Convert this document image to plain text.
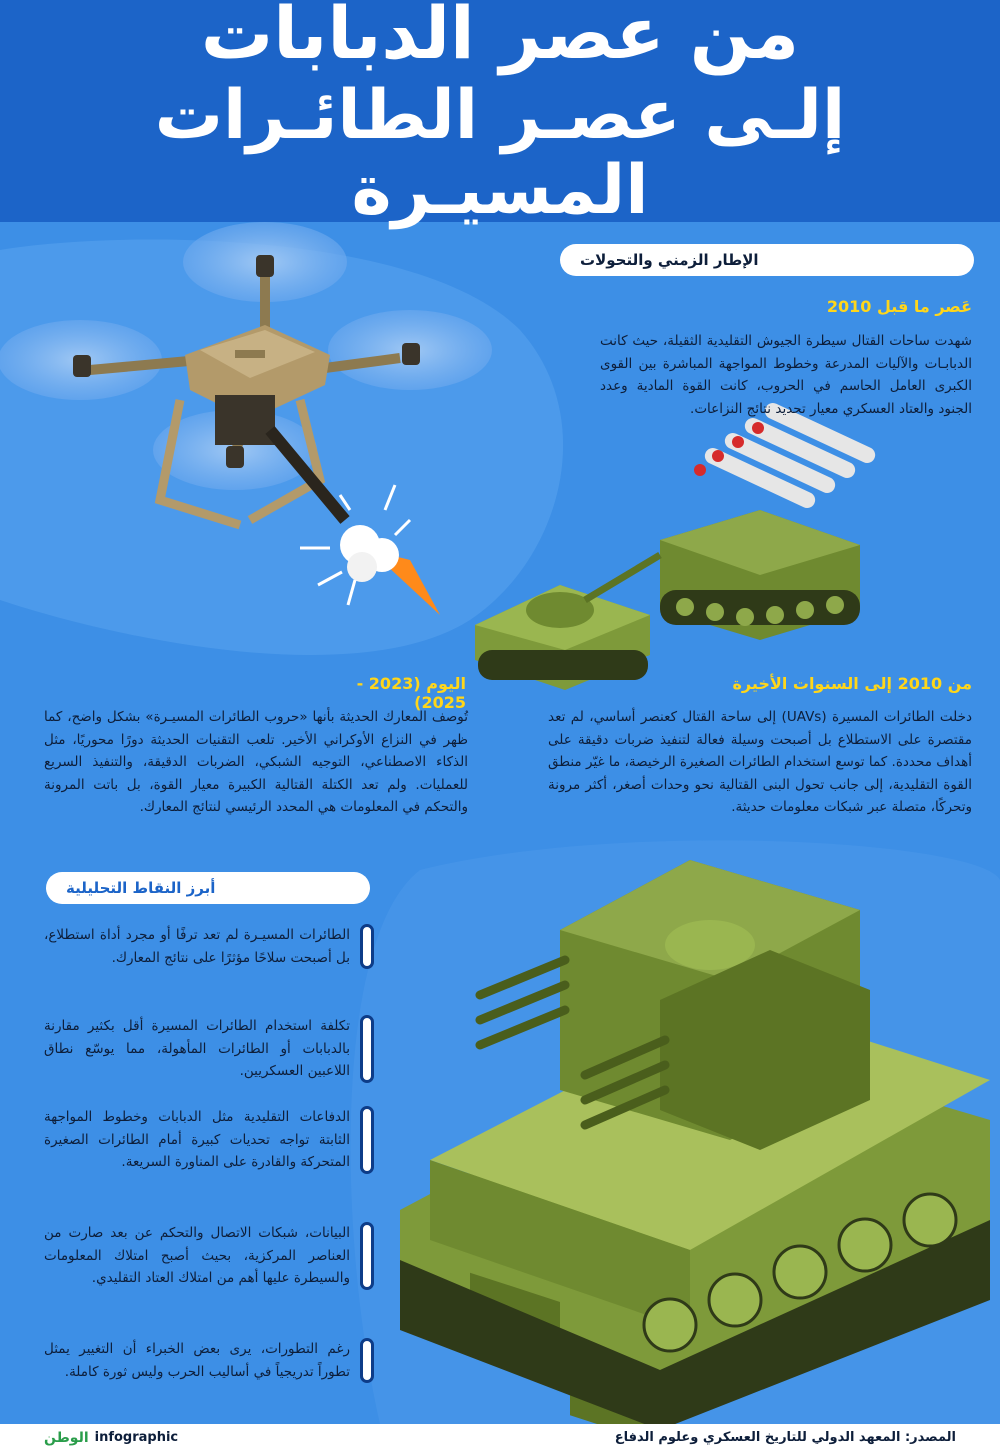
من عصر الدبابات
إلـى عصـر الطائـرات المسيـرة
الإطار الزمني والتحولات
عَصر ما قبل 2010
شهدت ساحات القتال سيطرة الجيوش التقليدية الثقيلة، حيث كانت الدبابـات والآليات المدرعة وخطوط المواجهة المباشرة بين القوى الكبرى العامل الحاسم في الحروب، كانت القوة المادية وعدد الجنود والعتاد العسكري معيار تحديد نتائج النزاعات.
اليوم (2023 - 2025)
تُوصف المعارك الحديثة بأنها «حروب الطائرات المسيـرة» بشكل واضح، كما ظهر في النزاع الأوكراني الأخير. تلعب التقنيات الحديثة دورًا محوريًا، مثل الذكاء الاصطناعي، التوجيه الشبكي، الضربات الدقيقة، والتنفيذ السريع للعمليات. ولم تعد الكتلة القتالية الكبيرة معيار القوة، بل باتت المرونة والتحكم في المعلومات هي المحدد الرئيسي لنتائج المعارك.
من 2010 إلى السنوات الأخيرة
دخلت الطائرات المسيرة (UAVs) إلى ساحة القتال كعنصر أساسي، لم تعد مقتصرة على الاستطلاع بل أصبحت وسيلة فعالة لتنفيذ ضربات دقيقة على أهداف محددة. كما توسع استخدام الطائرات الصغيرة الرخيصة، ما غيّر منطق القوة التقليدية، إلى جانب تحول البنى القتالية نحو وحدات أصغر، أكثر مرونة وتحركًا، متصلة عبر شبكات معلومات حديثة.
أبرز النقاط التحليلية
الطائرات المسيـرة لم تعد ترفًا أو مجرد أداة استطلاع، بل أصبحت سلاحًا مؤثرًا على نتائج المعارك.
تكلفة استخدام الطائرات المسيرة أقل بكثير مقارنة بالدبابات أو الطائرات المأهولة، مما يوسّع نطاق اللاعبين العسكريين.
الدفاعات التقليدية مثل الدبابات وخطوط المواجهة الثابتة تواجه تحديات كبيرة أمام الطائرات الصغيرة المتحركة والقادرة على المناورة السريعة.
البيانات، شبكات الاتصال والتحكم عن بعد صارت من العناصر المركزية، بحيث أصبح امتلاك المعلومات والسيطرة عليها أهم من امتلاك العتاد التقليدي.
رغم التطورات، يرى بعض الخبراء أن التغيير يمثل تطوراً تدريجياً في أساليب الحرب وليس ثورة كاملة.
الوطن infographic	المصدر: المعهد الدولي للتاريخ العسكري وعلوم الدفاع
